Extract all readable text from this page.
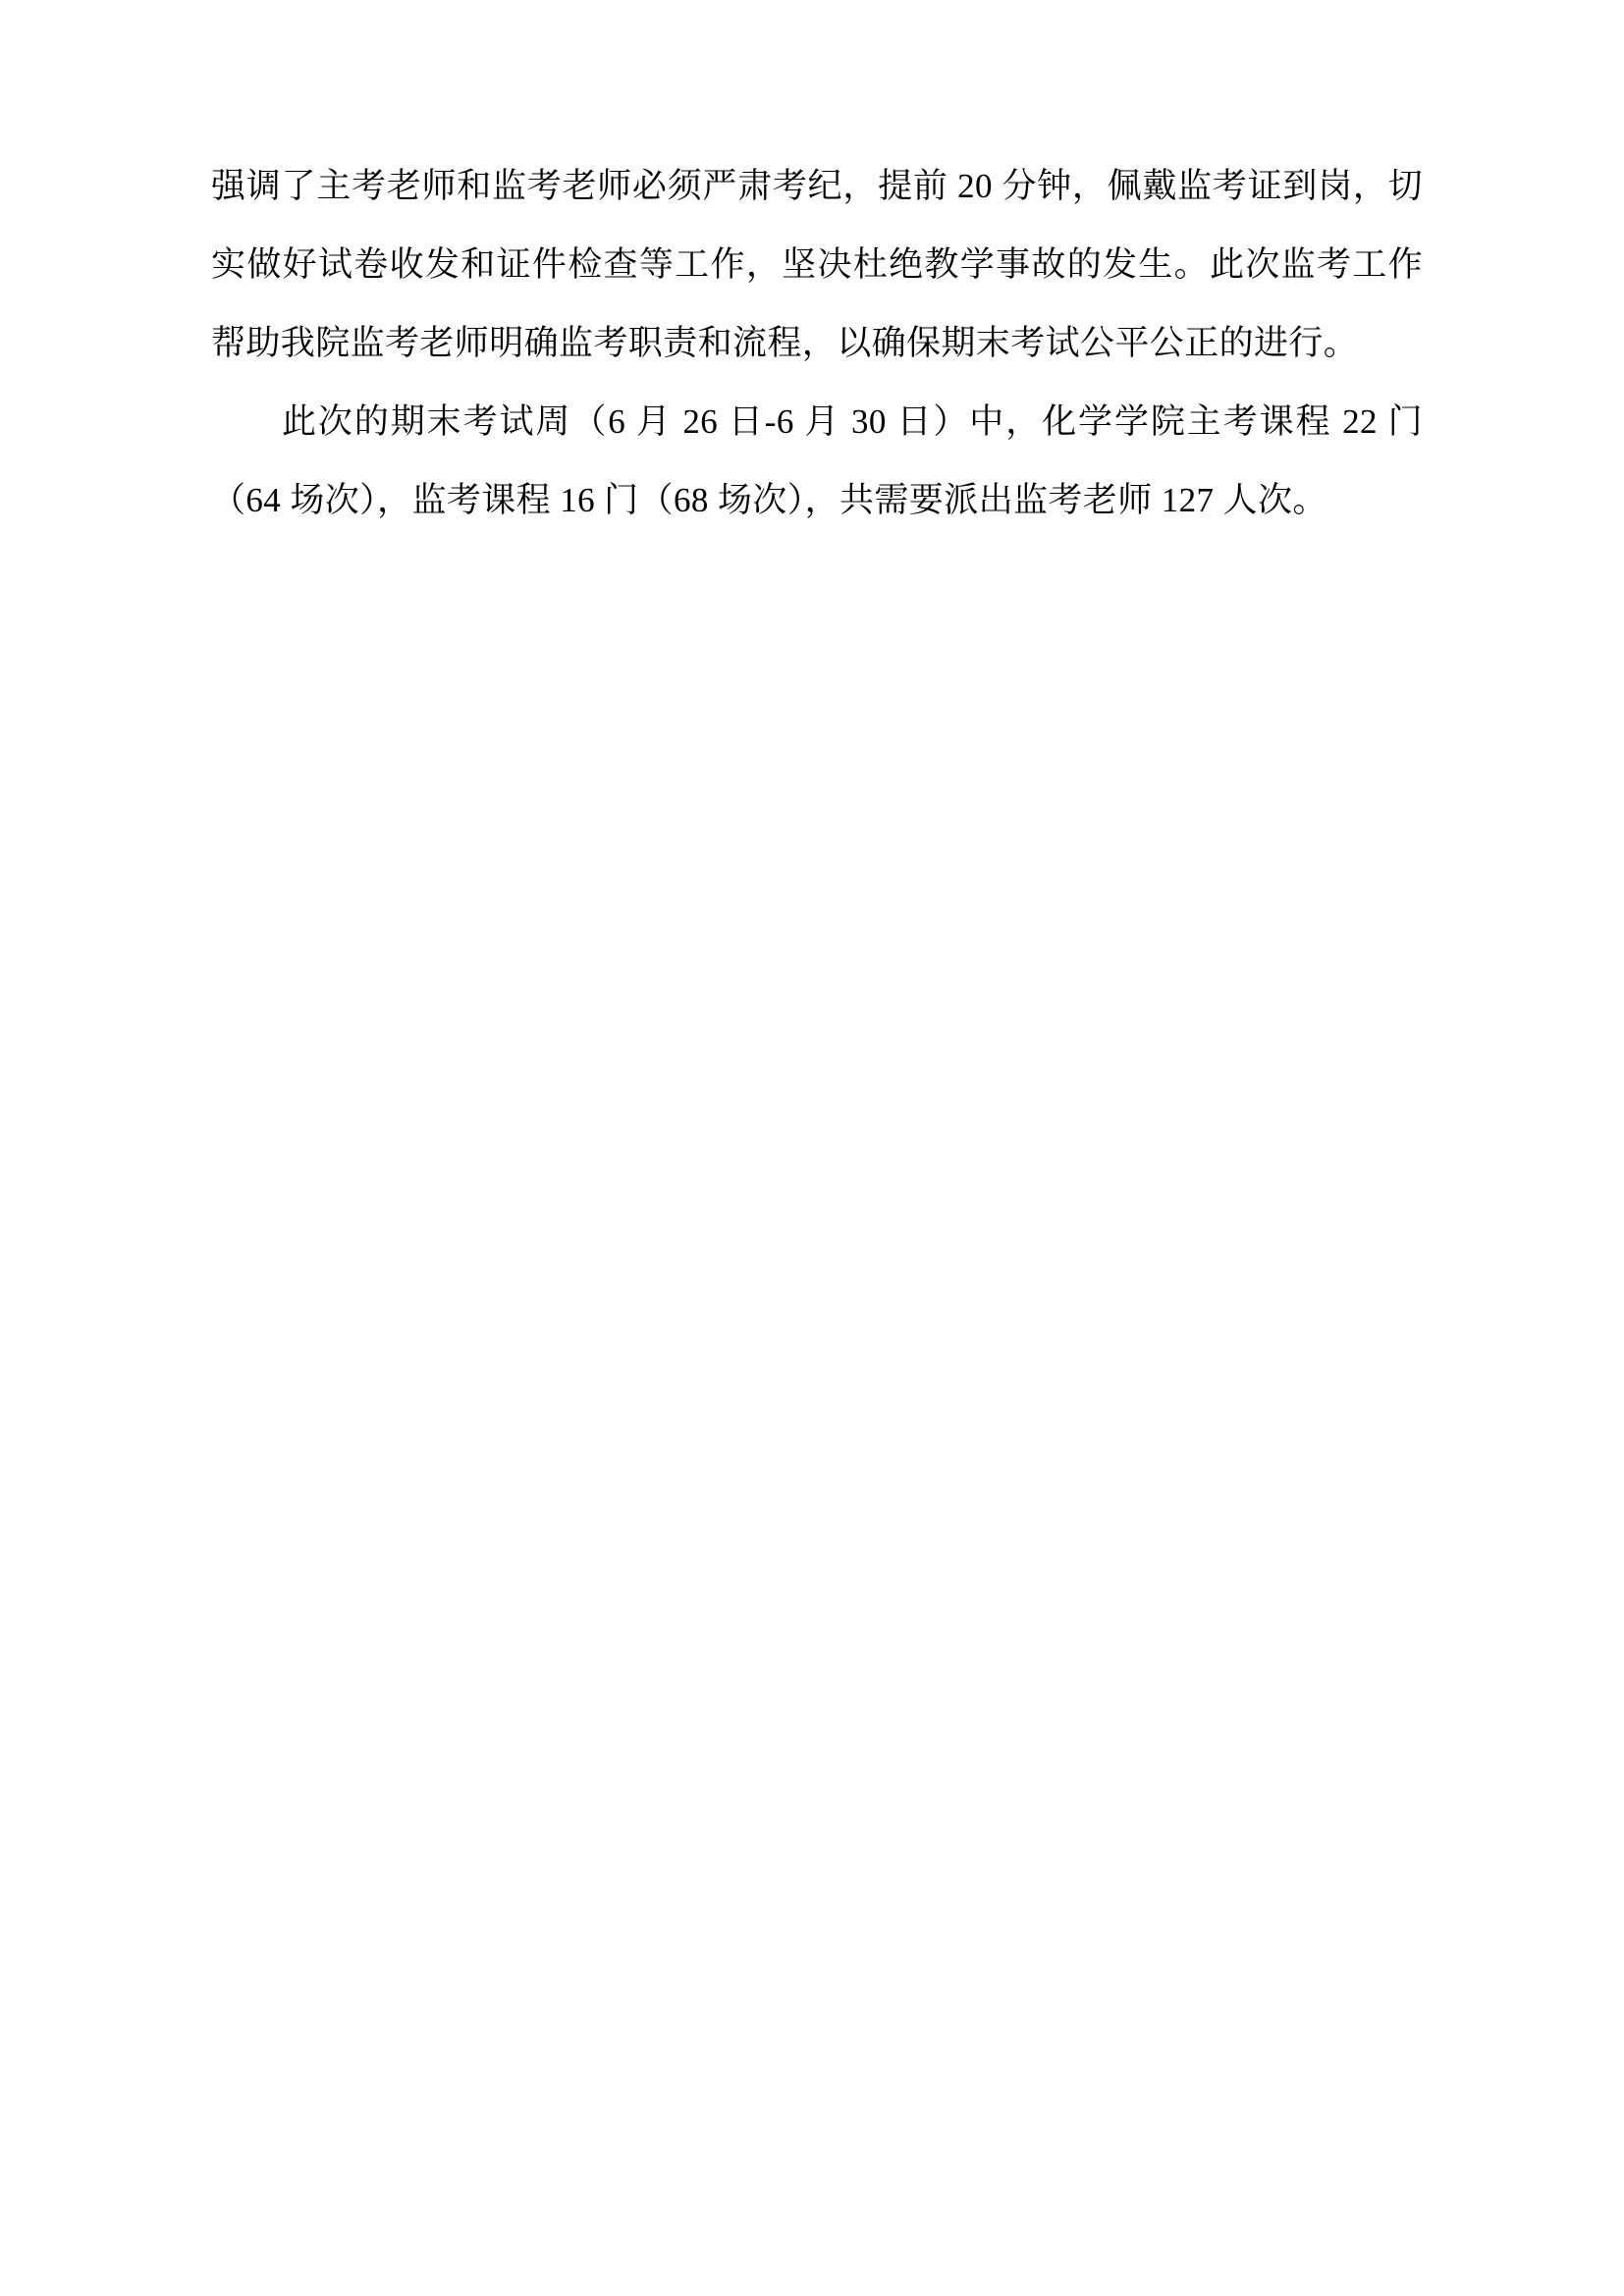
强调了主考老师和监考老师必须严肃考纪，提前 20 分钟，佩戴监考证到岗，切实做好试卷收发和证件检查等工作，坚决杜绝教学事故的发生。此次监考工作帮助我院监考老师明确监考职责和流程，以确保期末考试公平公正的进行。

此次的期末考试周（6 月 26 日-6 月 30 日）中，化学学院主考课程 22 门（64 场次），监考课程 16 门（68 场次），共需要派出监考老师 127 人次。
